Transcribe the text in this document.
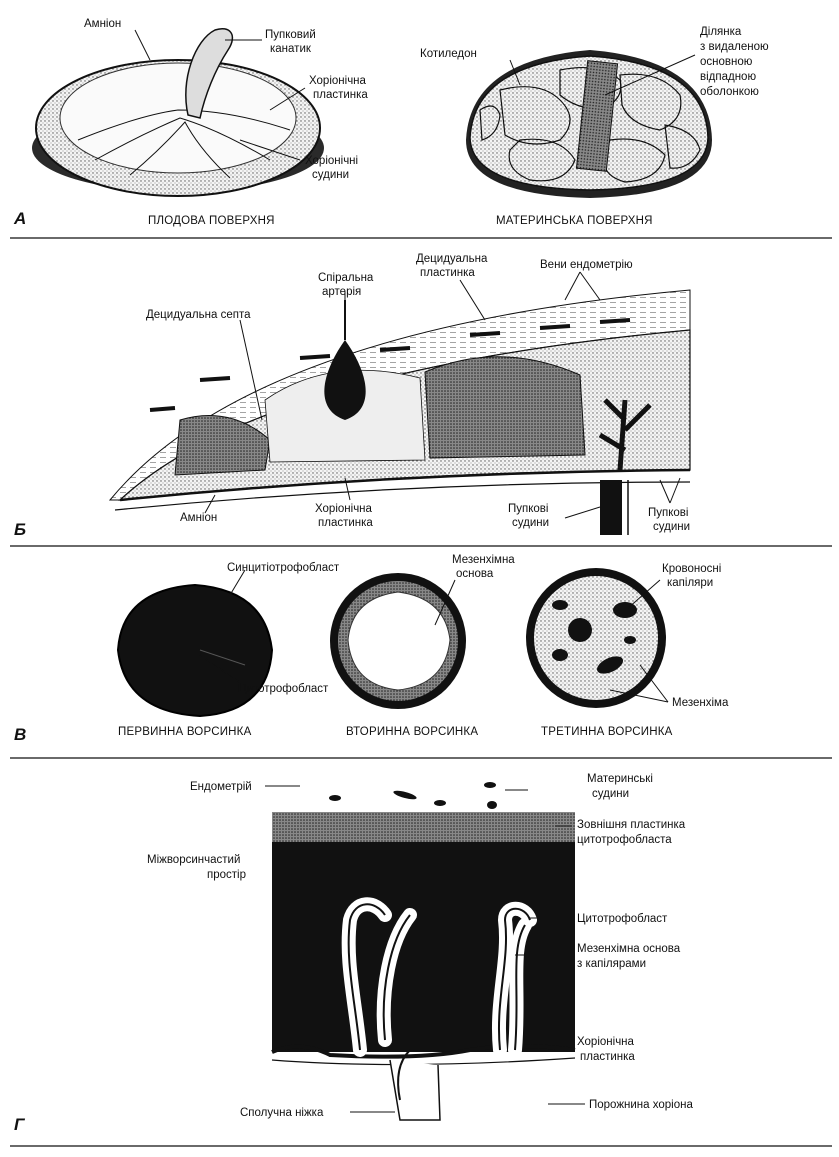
Амніон
Пупковий
канатик
Хоріонічна
пластинка
Хоріонічні
судини
Котиледон
Ділянка
з видаленою
основною
відпадною
оболонкою
А	ПЛОДОВА ПОВЕРХНЯ	МАТЕРИНСЬКА ПОВЕРХНЯ
Децидуальна
пластинка
Вени ендометрію
Спіральна
артерія
Децидуальна септа
Амніон
Хоріонічна
пластинка
Пупкові
судини
Пупкові
судини
Б
Синцитіотрофобласт
Цитотрофобласт
Мезенхімна
основа	Кровоносні
капіляри
Мезенхіма
В	ПЕРВИННА ВОРСИНКА	ВТОРИННА ВОРСИНКА	ТРЕТИННА ВОРСИНКА
Ендометрій
Материнські
судини
Зовнішня пластинка
цитотрофобласта
Міжворсинчастий
простір
Цитотрофобласт
Мезенхімна основа
з капілярами
Хоріонічна
пластинка
Сполучна ніжка
Порожнина хоріона
Г
